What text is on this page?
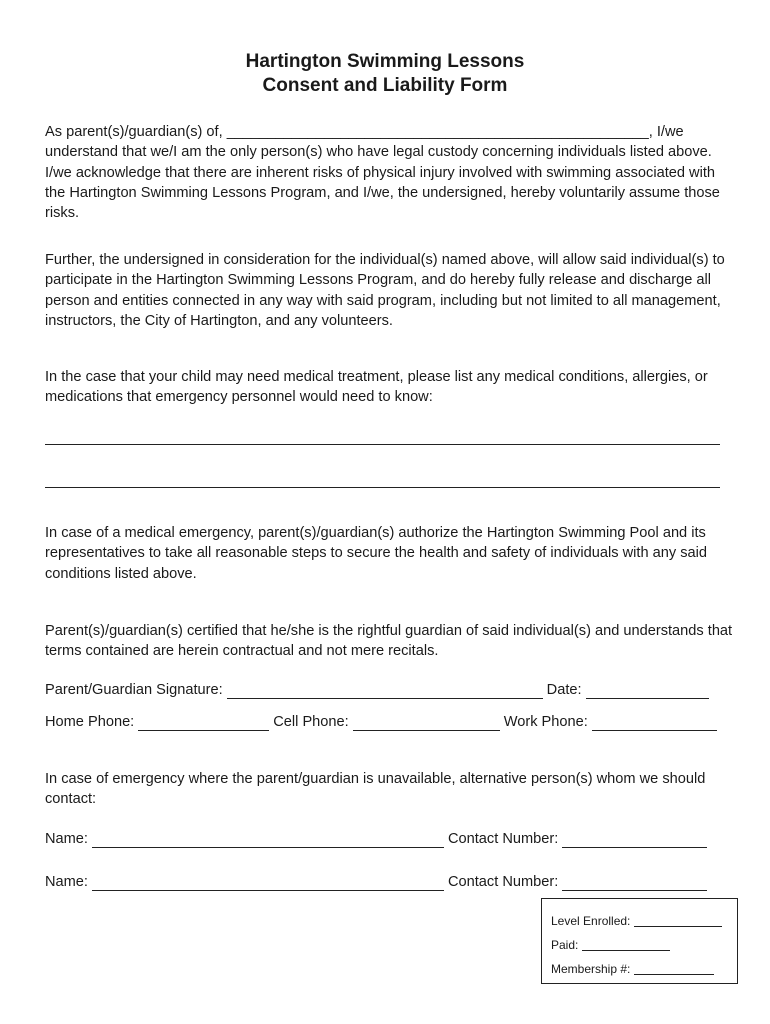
Hartington Swimming Lessons
Consent and Liability Form

As parent(s)/guardian(s) of, ____________________________________________________, I/we understand that we/I am the only person(s) who have legal custody concerning individuals listed above. I/we acknowledge that there are inherent risks of physical injury involved with swimming associated with the Hartington Swimming Lessons Program, and I/we, the undersigned, hereby voluntarily assume those risks.

Further, the undersigned in consideration for the individual(s) named above, will allow said individual(s) to participate in the Hartington Swimming Lessons Program, and do hereby fully release and discharge all person and entities connected in any way with said program, including but not limited to all management, instructors, the City of Hartington, and any volunteers.

In the case that your child may need medical treatment, please list any medical conditions, allergies, or medications that emergency personnel would need to know:

In case of a medical emergency, parent(s)/guardian(s) authorize the Hartington Swimming Pool and its representatives to take all reasonable steps to secure the health and safety of individuals with any said conditions listed above.

Parent(s)/guardian(s) certified that he/she is the rightful guardian of said individual(s) and understands that terms contained are herein contractual and not mere recitals.

Parent/Guardian Signature:	Date:
Home Phone:	Cell Phone:	Work Phone:

In case of emergency where the parent/guardian is unavailable, alternative person(s) whom we should contact:

Name:	Contact Number:
Name:	Contact Number:
Level Enrolled:
Paid:
Membership #:
